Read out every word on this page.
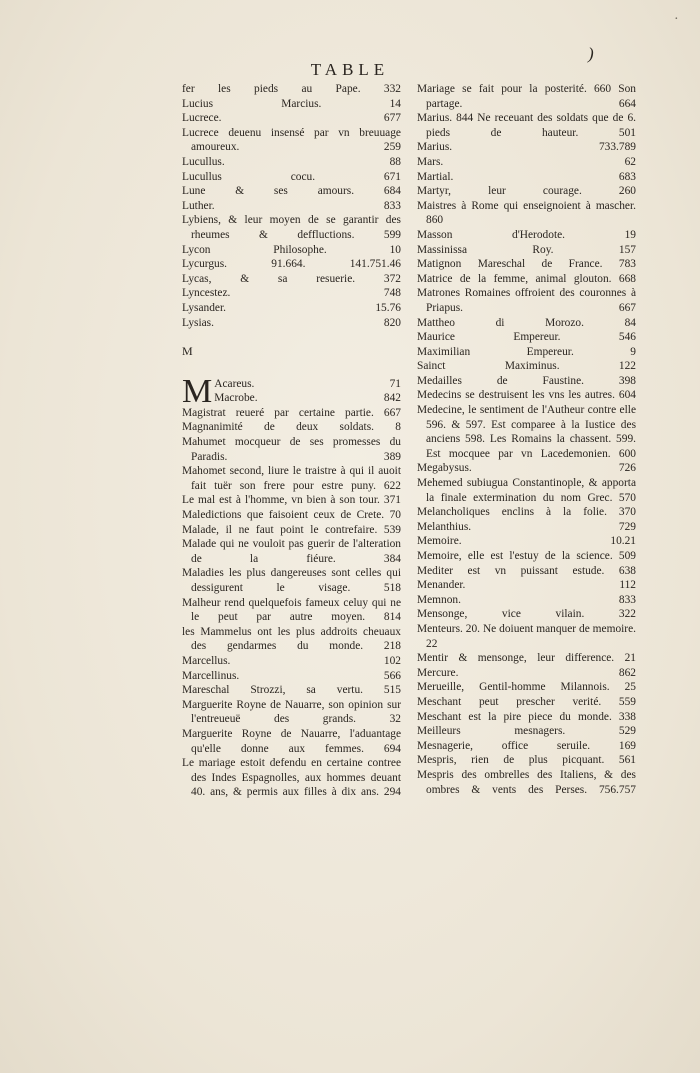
·
TABLE
)

fer les pieds au Pape. 332

Lucius Marcius. 14

Lucrece. 677

Lucrece deuenu insensé par vn breuuage amoureux. 259

Lucullus. 88

Lucullus cocu. 671

Lune & ses amours. 684

Luther. 833

Lybiens, & leur moyen de se garantir des rheumes & deffluctions. 599

Lycon Philosophe. 10

Lycurgus. 91.664. 141.751.46

Lycas, & sa resuerie. 372

Lyncestez. 748

Lysander. 15.76

Lysias. 820

M

M Acareus. 71

Macrobe. 842

Magistrat reueré par certaine partie. 667

Magnanimité de deux soldats. 8

Mahumet mocqueur de ses promesses du Paradis. 389

Mahomet second, liure le traistre à qui il auoit fait tuër son frere pour estre puny. 622

Le mal est à l'homme, vn bien à son tour. 371

Maledictions que faisoient ceux de Crete. 70

Malade, il ne faut point le contrefaire. 539

Malade qui ne vouloit pas guerir de l'alteration de la fiéure. 384

Maladies les plus dangereuses sont celles qui dessigurent le visage. 518

Malheur rend quelquefois fameux celuy qui ne le peut par autre moyen. 814

les Mammelus ont les plus addroits cheuaux des gendarmes du monde. 218

Marcellus. 102

Marcellinus. 566

Mareschal Strozzi, sa vertu. 515

Marguerite Royne de Nauarre, son opinion sur l'entreueuë des grands. 32

Marguerite Royne de Nauarre, l'aduantage qu'elle donne aux femmes. 694

Le mariage estoit defendu en certaine contree des Indes Espagnolles, aux hommes deuant 40. ans, & permis aux filles à dix ans. 294

Mariage se fait pour la posterité. 660 Son partage. 664

Marius. 844 Ne receuant des soldats que de 6. pieds de hauteur. 501

Marius. 733.789

Mars. 62

Martial. 683

Martyr, leur courage. 260

Maistres à Rome qui enseignoient à mascher. 860

Masson d'Herodote. 19

Massinissa Roy. 157

Matignon Mareschal de France. 783

Matrice de la femme, animal glouton. 668

Matrones Romaines offroient des couronnes à Priapus. 667

Mattheo di Morozo. 84

Maurice Empereur. 546

Maximilian Empereur. 9

Sainct Maximinus. 122

Medailles de Faustine. 398

Medecins se destruisent les vns les autres. 604

Medecine, le sentiment de l'Autheur contre elle 596. & 597. Est comparee à la Iustice des anciens 598. Les Romains la chassent. 599. Est mocquee par vn Lacedemonien. 600

Megabysus. 726

Mehemed subiugua Constantinople, & apporta la finale extermination du nom Grec. 570

Melancholiques enclins à la folie. 370

Melanthius. 729

Memoire. 10.21

Memoire, elle est l'estuy de la science. 509

Mediter est vn puissant estude. 638

Menander. 112

Memnon. 833

Mensonge, vice vilain. 322

Menteurs. 20. Ne doiuent manquer de memoire. 22

Mentir & mensonge, leur difference. 21

Mercure. 862

Merueille, Gentil-homme Milannois. 25

Meschant peut prescher verité. 559

Meschant est la pire piece du monde. 338

Meilleurs mesnagers. 529

Mesnagerie, office seruile. 169

Mespris, rien de plus picquant. 561

Mespris des ombrelles des Italiens, & des ombres & vents des Perses. 756.757
